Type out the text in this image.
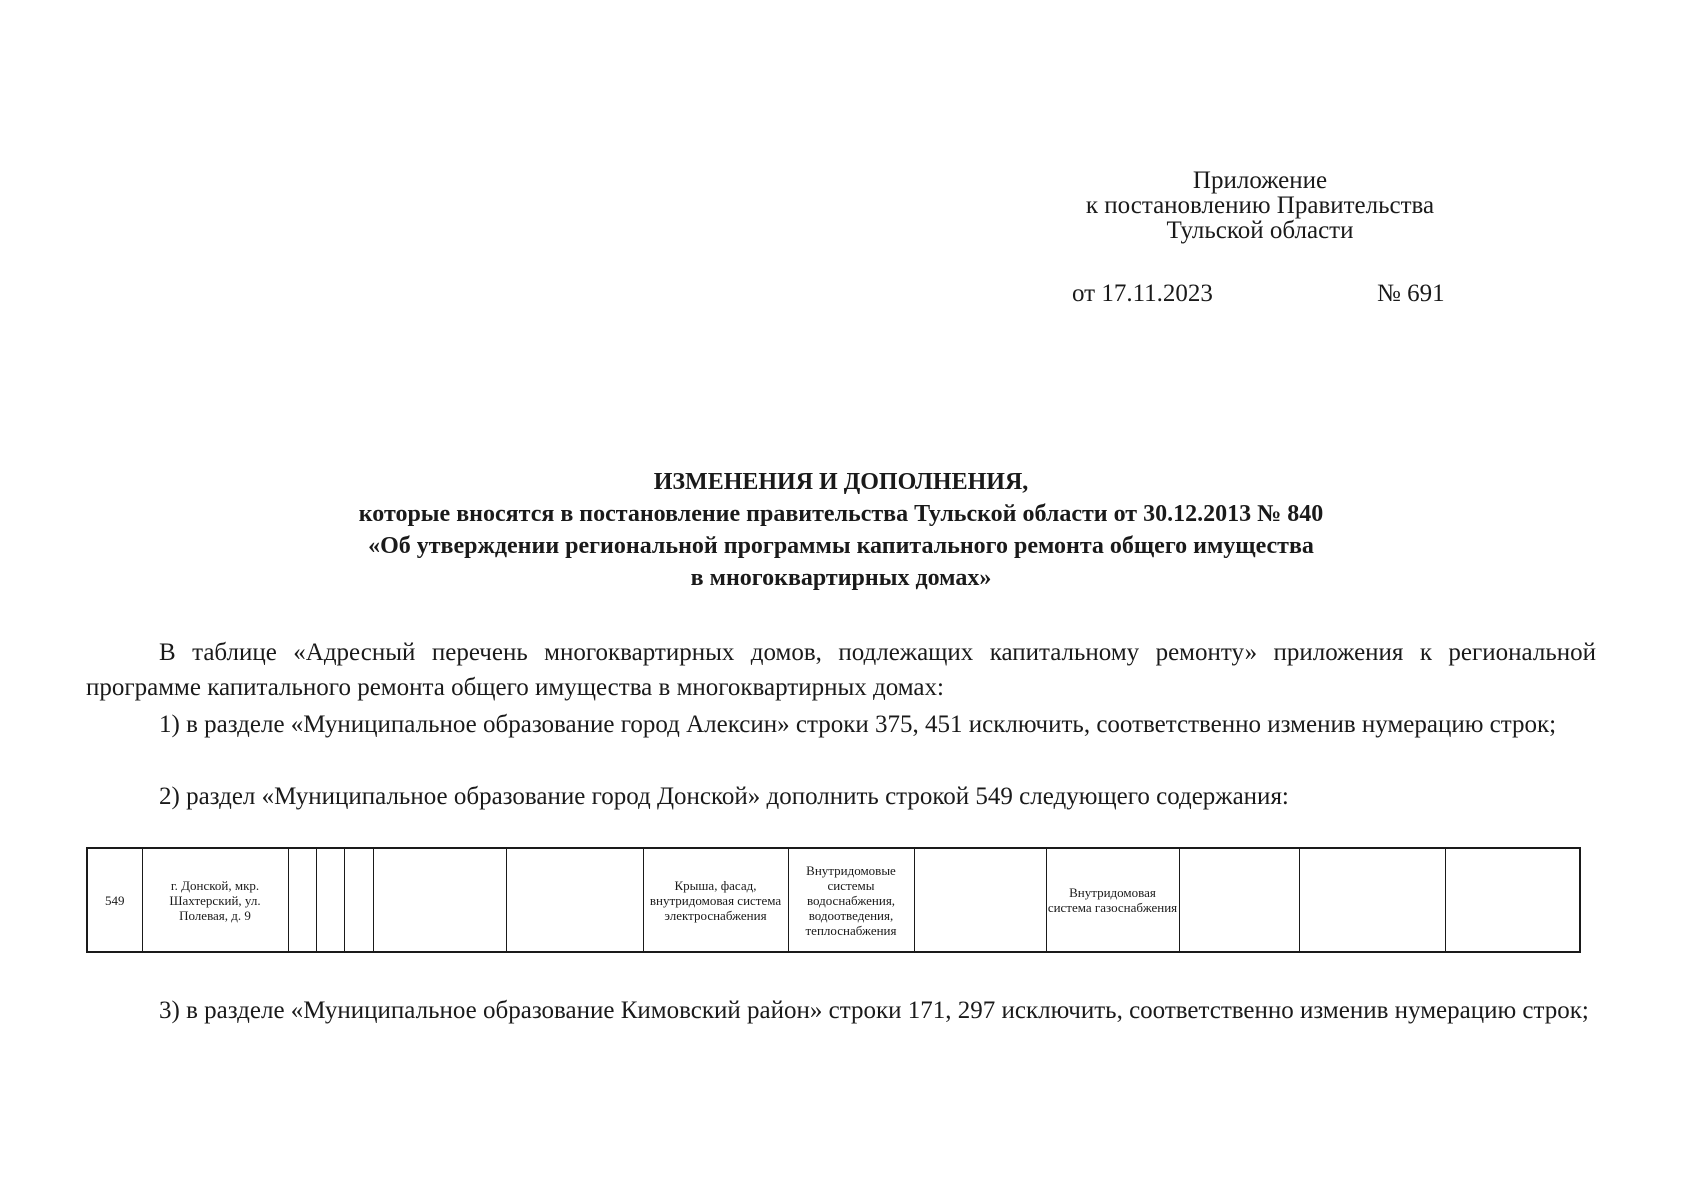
Приложение
к постановлению Правительства
Тульской области
от 17.11.2023	№ 691
ИЗМЕНЕНИЯ И ДОПОЛНЕНИЯ,
которые вносятся в постановление правительства Тульской области от 30.12.2013 № 840
«Об утверждении региональной программы капитального ремонта общего имущества
в многоквартирных домах»

В таблице «Адресный перечень многоквартирных домов, подлежащих капитальному ремонту» приложения к региональной программе капитального ремонта общего имущества в многоквартирных домах:

1) в разделе «Муниципальное образование город Алексин» строки 375, 451 исключить, соответственно изменив нумерацию строк;

2) раздел «Муниципальное образование город Донской» дополнить строкой 549 следующего содержания:

549	г. Донской, мкр. Шахтерский, ул. Полевая, д. 9						Крыша, фасад, внутридомовая система электроснабжения	Внутридомовые системы водоснабжения, водоотведения, теплоснабжения		Внутридомовая система газоснабжения			

3) в разделе «Муниципальное образование Кимовский район» строки 171, 297 исключить, соответственно изменив нумерацию строк;
